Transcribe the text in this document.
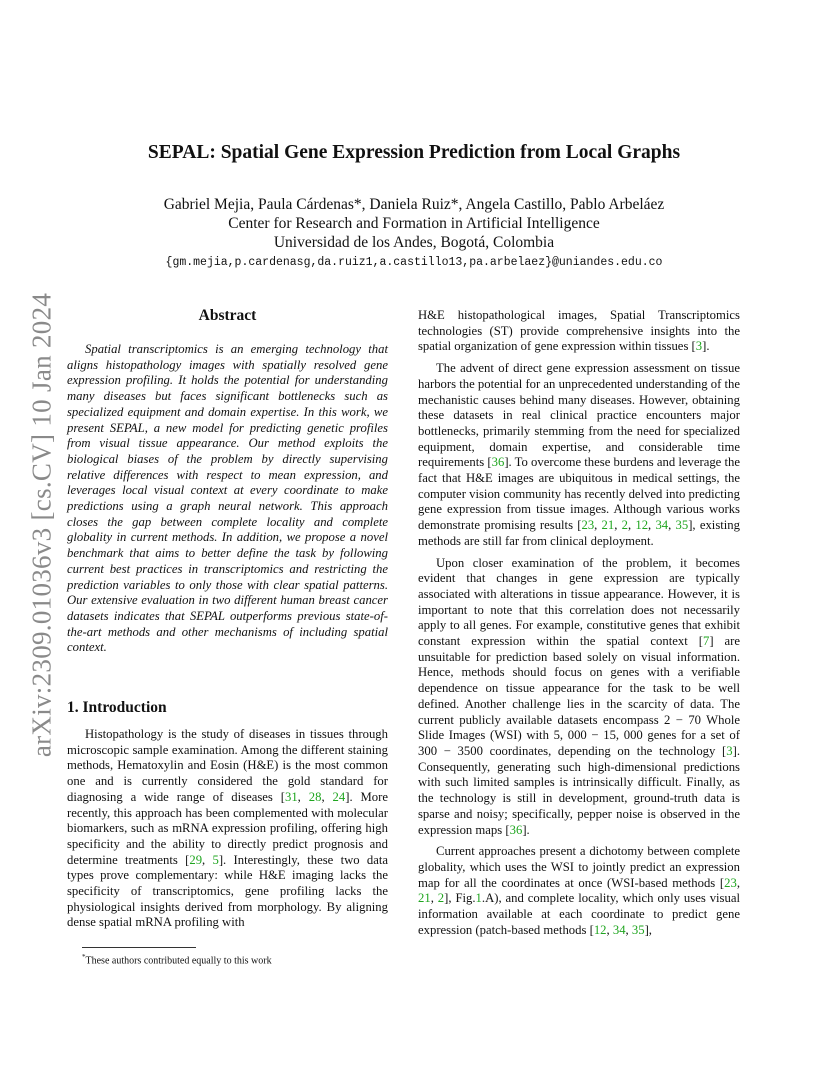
arXiv:2309.01036v3 [cs.CV] 10 Jan 2024
SEPAL: Spatial Gene Expression Prediction from Local Graphs
Gabriel Mejia, Paula Cárdenas*, Daniela Ruiz*, Angela Castillo, Pablo Arbeláez
Center for Research and Formation in Artificial Intelligence
Universidad de los Andes, Bogotá, Colombia
{gm.mejia,p.cardenasg,da.ruiz1,a.castillo13,pa.arbelaez}@uniandes.edu.co
Abstract

Spatial transcriptomics is an emerging technology that aligns histopathology images with spatially resolved gene expression profiling. It holds the potential for understanding many diseases but faces significant bottlenecks such as specialized equipment and domain expertise. In this work, we present SEPAL, a new model for predicting genetic profiles from visual tissue appearance. Our method exploits the biological biases of the problem by directly supervising relative differences with respect to mean expression, and leverages local visual context at every coordinate to make predictions using a graph neural network. This approach closes the gap between complete locality and complete globality in current methods. In addition, we propose a novel benchmark that aims to better define the task by following current best practices in transcriptomics and restricting the prediction variables to only those with clear spatial patterns. Our extensive evaluation in two different human breast cancer datasets indicates that SEPAL outperforms previous state-of-the-art methods and other mechanisms of including spatial context.

1. Introduction

Histopathology is the study of diseases in tissues through microscopic sample examination. Among the different staining methods, Hematoxylin and Eosin (H&E) is the most common one and is currently considered the gold standard for diagnosing a wide range of diseases [31, 28, 24]. More recently, this approach has been complemented with molecular biomarkers, such as mRNA expression profiling, offering high specificity and the ability to directly predict prognosis and determine treatments [29, 5]. Interestingly, these two data types prove complementary: while H&E imaging lacks the specificity of transcriptomics, gene profiling lacks the physiological insights derived from morphology. By aligning dense spatial mRNA profiling with

H&E histopathological images, Spatial Transcriptomics technologies (ST) provide comprehensive insights into the spatial organization of gene expression within tissues [3].

The advent of direct gene expression assessment on tissue harbors the potential for an unprecedented understanding of the mechanistic causes behind many diseases. However, obtaining these datasets in real clinical practice encounters major bottlenecks, primarily stemming from the need for specialized equipment, domain expertise, and considerable time requirements [36]. To overcome these burdens and leverage the fact that H&E images are ubiquitous in medical settings, the computer vision community has recently delved into predicting gene expression from tissue images. Although various works demonstrate promising results [23, 21, 2, 12, 34, 35], existing methods are still far from clinical deployment.

Upon closer examination of the problem, it becomes evident that changes in gene expression are typically associated with alterations in tissue appearance. However, it is important to note that this correlation does not necessarily apply to all genes. For example, constitutive genes that exhibit constant expression within the spatial context [7] are unsuitable for prediction based solely on visual information. Hence, methods should focus on genes with a verifiable dependence on tissue appearance for the task to be well defined. Another challenge lies in the scarcity of data. The current publicly available datasets encompass 2 − 70 Whole Slide Images (WSI) with 5, 000 − 15, 000 genes for a set of 300 − 3500 coordinates, depending on the technology [3]. Consequently, generating such high-dimensional predictions with such limited samples is intrinsically difficult. Finally, as the technology is still in development, ground-truth data is sparse and noisy; specifically, pepper noise is observed in the expression maps [36].

Current approaches present a dichotomy between complete globality, which uses the WSI to jointly predict an expression map for all the coordinates at once (WSI-based methods [23, 21, 2], Fig.1.A), and complete locality, which only uses visual information available at each coordinate to predict gene expression (patch-based methods [12, 34, 35],

*These authors contributed equally to this work
